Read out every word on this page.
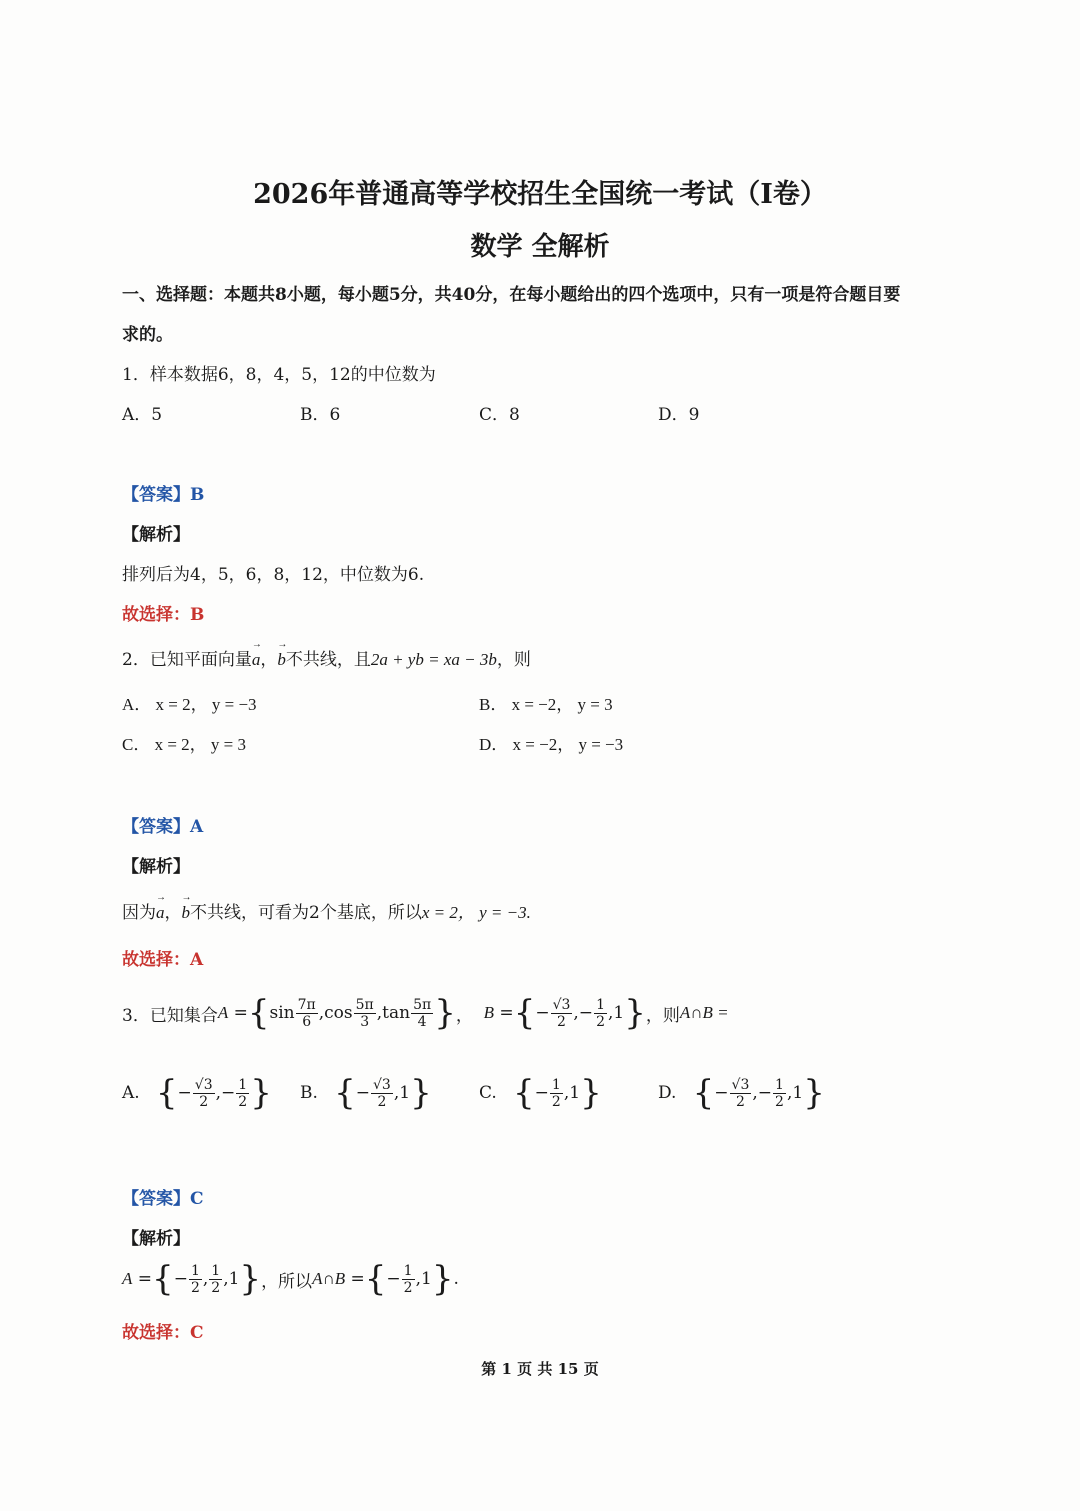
2026年普通高等学校招生全国统一考试（I卷）
数学 全解析
一、选择题：本题共8小题，每小题5分，共40分，在每小题给出的四个选项中，只有一项是符合题目要
求的。
1．样本数据6，8，4，5，12的中位数为
A．5	B．6	C．8	D．9
【答案】B
【解析】
排列后为4，5，6，8，12，中位数为6.
故选择：B
2．已知平面向量→ a，→ b不共线，且2a + yb = xa − 3b，则
A． x = 2， y = −3	B． x = −2， y = 3
C． x = 2， y = 3	D． x = −2， y = −3
【答案】A
【解析】
因为→ a，→ b不共线，可看为2个基底，所以x = 2， y = −3.
故选择：A
3．已知集合 A = { $\sin \frac{7\pi}{6} ,\cos \frac{5\pi}{3} ,\tan \frac{5\pi}{4}$ } ， B = { − $\frac{√3}{2}$ ,− $\frac{1}{2} ,1$ } ，则 A∩B =
A.
{ − $\frac{√3}{2}$ ,− $\frac{1}{2}$ } B.
{ − $\frac{√3}{2} ,1$ }	C.
{ − $\frac{1}{2} ,1$ }	D.
{ − $\frac{√3}{2}$ ,− $\frac{1}{2} ,1$ }
【答案】C
【解析】
A = { − $\frac{1}{2}$ , $\frac{1}{2} ,1$ } ，所以 A∩B = { − $\frac{1}{2} ,1$ } .
故选择：C
第 1 页 共 15 页
